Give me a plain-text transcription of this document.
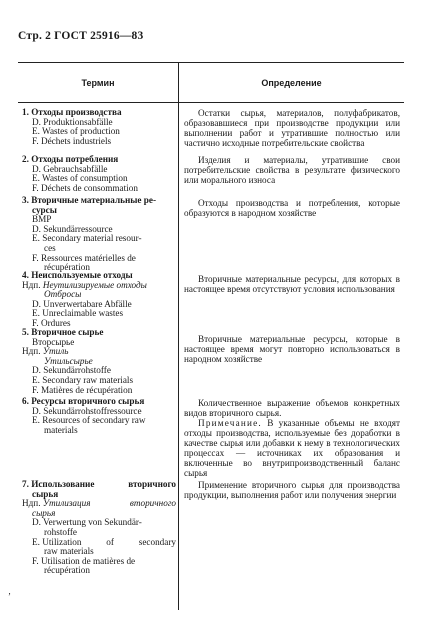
Стр. 2 ГОСТ 25916—83
Термин	Определение
1. Отходы производства
D. Produktionsabfälle
E. Wastes of production
F. Déchets industriels

Остатки сырья, материалов, полуфабрикатов, образовавшиеся при производстве продукции или выполнении работ и утратившие полностью или частично исходные потребительские свойства

2. Отходы потребления
D. Gebrauchsabfälle
E. Wastes of consumption
F. Déchets de consommation

Изделия и материалы, утратившие свои потребительские свойства в результате физического или морального износа

3. Вторичные материальные ре-
сурсы
ВМР
D. Sekundärressource
E. Secondary material resour-
ces
F. Ressources matérielles de
récupération

Отходы производства и потребления, которые образуются в народном хозяйстве

4. Неиспользуемые отходы
Ндп. Неутилизируемые отходы
Отбросы
D. Unverwertabare Abfälle
E. Unreclaimable wastes
F. Ordures

Вторичные материальные ресурсы, для которых в настоящее время отсутствуют условия использования

5. Вторичное сырье
Вторсырье
Ндп. Утиль
Утильсырье
D. Sekundärrohstoffe
E. Secondary raw materials
F. Matières de récupération

Вторичные материальные ресурсы, которые в настоящее время могут повторно использоваться в народном хозяйстве

6. Ресурсы вторичного сырья
D. Sekundärrohstoffressource
E. Resources of secondary raw
materials

Количественное выражение объемов конкретных видов вторичного сырья.

Примечание. В указанные объемы не входят отходы производства, используемые без доработки в качестве сырья или добавки к нему в технологических процессах — источниках их образования и включенные во внутрипроизводственный баланс сырья

7. Использование	вторичного
сырья
Ндп. Утилизация	вторичного
сырья
D. Verwertung von Sekundär-
rohstoffe
E. Utilization	of	secondary
raw materials
F. Utilisation de matières de
récupération

Применение вторичного сырья для производства продукции, выполнения работ или получения энергии

‚
